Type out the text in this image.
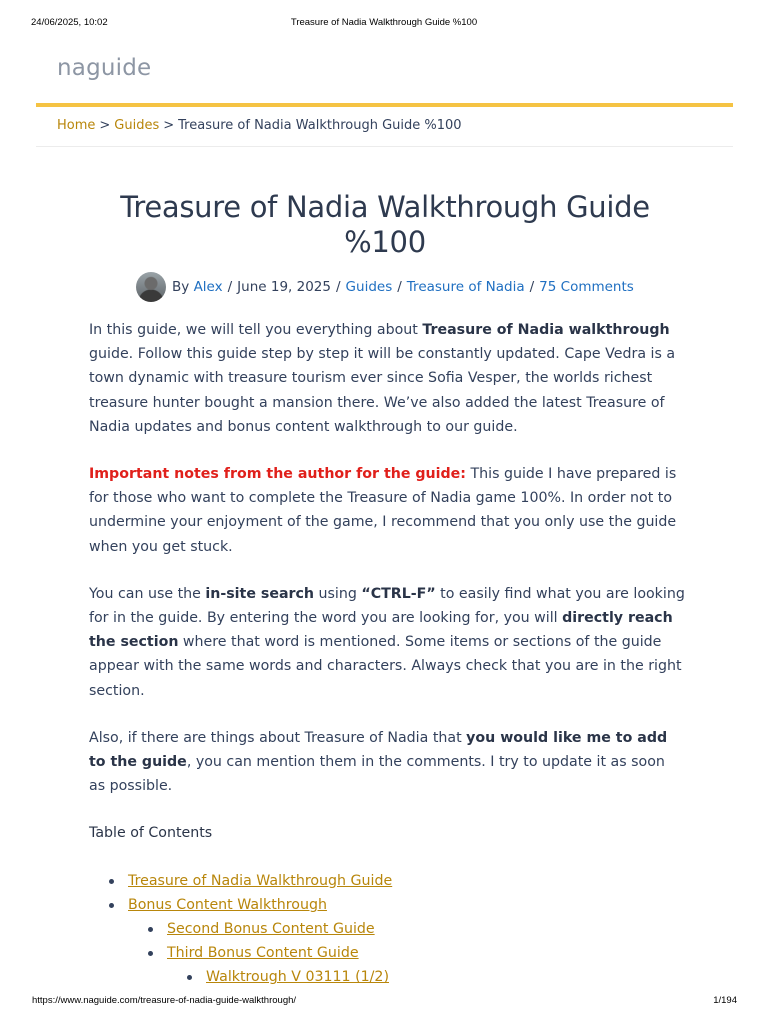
24/06/2025, 10:02	Treasure of Nadia Walkthrough Guide %100
naguide
Home > Guides > Treasure of Nadia Walkthrough Guide %100
Treasure of Nadia Walkthrough Guide %100
By
Alex / June 19, 2025 / Guides / Treasure of Nadia / 75 Comments

In this guide, we will tell you everything about Treasure of Nadia walkthrough guide. Follow this guide step by step it will be constantly updated. Cape Vedra is a town dynamic with treasure tourism ever since Sofia Vesper, the worlds richest treasure hunter bought a mansion there. We’ve also added the latest Treasure of Nadia updates and bonus content walkthrough to our guide.

Important notes from the author for the guide: This guide I have prepared is for those who want to complete the Treasure of Nadia game 100%. In order not to undermine your enjoyment of the game, I recommend that you only use the guide when you get stuck.

You can use the in-site search using “CTRL-F” to easily find what you are looking for in the guide. By entering the word you are looking for, you will directly reach the section where that word is mentioned. Some items or sections of the guide appear with the same words and characters. Always check that you are in the right section.

Also, if there are things about Treasure of Nadia that you would like me to add to the guide, you can mention them in the comments. I try to update it as soon as possible.

Table of Contents

Treasure of Nadia Walkthrough Guide
Bonus Content Walkthrough
Second Bonus Content Guide
Third Bonus Content Guide
Walktrough V 03111 (1/2)
https://www.naguide.com/treasure-of-nadia-guide-walkthrough/	1/194
